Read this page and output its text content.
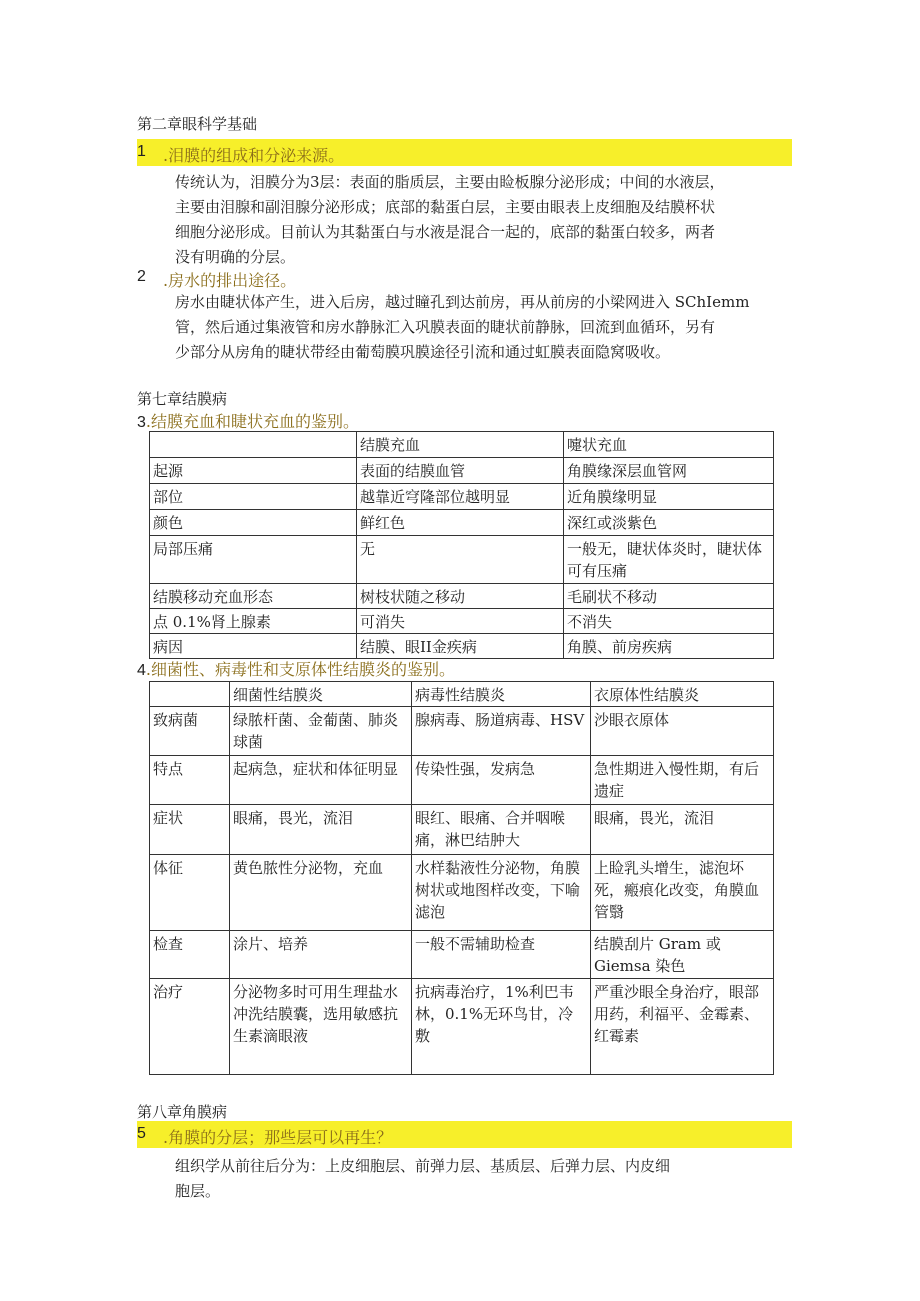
第二章眼科学基础
1 .泪膜的组成和分泌来源。
传统认为，泪膜分为3层：表面的脂质层，主要由睑板腺分泌形成；中间的水液层，
主要由泪腺和副泪腺分泌形成；底部的黏蛋白层，主要由眼表上皮细胞及结膜杯状
细胞分泌形成。目前认为其黏蛋白与水液是混合一起的，底部的黏蛋白较多，两者
没有明确的分层。
2 .房水的排出途径。
房水由睫状体产生，进入后房，越过瞳孔到达前房，再从前房的小梁网进入 SChIemm
管，然后通过集液管和房水静脉汇入巩膜表面的睫状前静脉，回流到血循环，另有
少部分从房角的睫状带经由葡萄膜巩膜途径引流和通过虹膜表面隐窝吸收。
第七章结膜病
3.结膜充血和睫状充血的鉴别。
	结膜充血	嚏状充血
起源	表面的结膜血管	角膜缘深层血管网
部位	越靠近穹隆部位越明显	近角膜缘明显
颜色	鲜红色	深红或淡紫色
局部压痛	无	一般无，睫状体炎时，睫状体可有压痛
结膜移动充血形态	树枝状随之移动	毛刷状不移动
点 0.1%肾上腺素	可消失	不消失
病因	结膜、眼II金疾病	角膜、前房疾病
4.细菌性、病毒性和支原体性结膜炎的鉴别。
	细菌性结膜炎	病毒性结膜炎	衣原体性结膜炎
致病菌	绿脓杆菌、金葡菌、肺炎球菌	腺病毒、肠道病毒、HSV	沙眼衣原体
特点	起病急，症状和体征明显	传染性强，发病急	急性期进入慢性期，有后遗症
症状	眼痛，畏光，流泪	眼红、眼痛、合并咽喉痛，淋巴结肿大	眼痛，畏光，流泪
体征	黄色脓性分泌物，充血	水样黏液性分泌物，角膜树状或地图样改变，下喻滤泡	上睑乳头增生，滤泡坏死，瘢痕化改变，角膜血管翳
检查	涂片、培养	一般不需辅助检查	结膜刮片 Gram 或 Giemsa 染色
治疗	分泌物多时可用生理盐水冲洗结膜囊，选用敏感抗生素滴眼液	抗病毒治疗，1%利巴韦林，0.1%无环鸟甘，冷敷	严重沙眼全身治疗，眼部用药，利福平、金霉素、红霉素
第八章角膜病
5 .角膜的分层；那些层可以再生？
组织学从前往后分为：上皮细胞层、前弹力层、基质层、后弹力层、内皮细
胞层。
